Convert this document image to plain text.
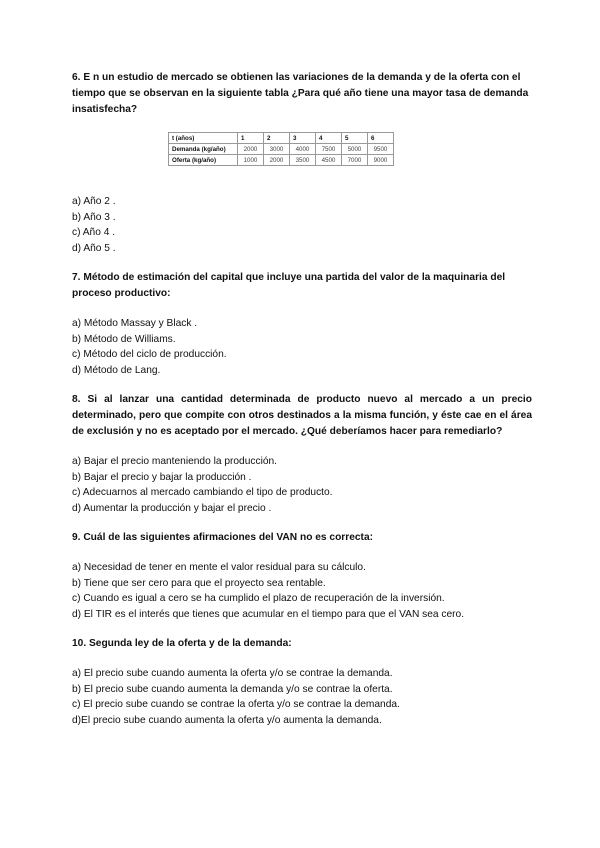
6. E n un estudio de mercado se obtienen las variaciones de la demanda y de la oferta con el tiempo que se observan en la siguiente tabla ¿Para qué año tiene una mayor tasa de demanda insatisfecha?

t (años)	1	2	3	4	5	6
Demanda (kg/año)	2000	3000	4000	7500	5000	9500
Oferta (kg/año)	1000	2000	3500	4500	7000	9000
a) Año 2 .
b) Año 3 .
c) Año 4 .
d) Año 5 .

7. Método de estimación del capital que incluye una partida del valor de la maquinaria del proceso productivo:

a) Método Massay y Black .
b) Método de Williams.
c) Método del ciclo de producción.
d) Método de Lang.

8. Si al lanzar una cantidad determinada de producto nuevo al mercado a un precio determinado, pero que compite con otros destinados a la misma función, y éste cae en el área de exclusión y no es aceptado por el mercado. ¿Qué deberíamos hacer para remediarlo?

a) Bajar el precio manteniendo la producción.
b) Bajar el precio y bajar la producción .
c) Adecuarnos al mercado cambiando el tipo de producto.
d) Aumentar la producción y bajar el precio .

9. Cuál de las siguientes afirmaciones del VAN no es correcta:

a) Necesidad de tener en mente el valor residual para su cálculo.
b) Tiene que ser cero para que el proyecto sea rentable.
c) Cuando es igual a cero se ha cumplido el plazo de recuperación de la inversión.
d) El TIR es el interés que tienes que acumular en el tiempo para que el VAN sea cero.

10. Segunda ley de la oferta y de la demanda:

a) El precio sube cuando aumenta la oferta y/o se contrae la demanda.
b) El precio sube cuando aumenta la demanda y/o se contrae la oferta.
c) El precio sube cuando se contrae la oferta y/o se contrae la demanda.
d)El precio sube cuando aumenta la oferta y/o aumenta la demanda.
